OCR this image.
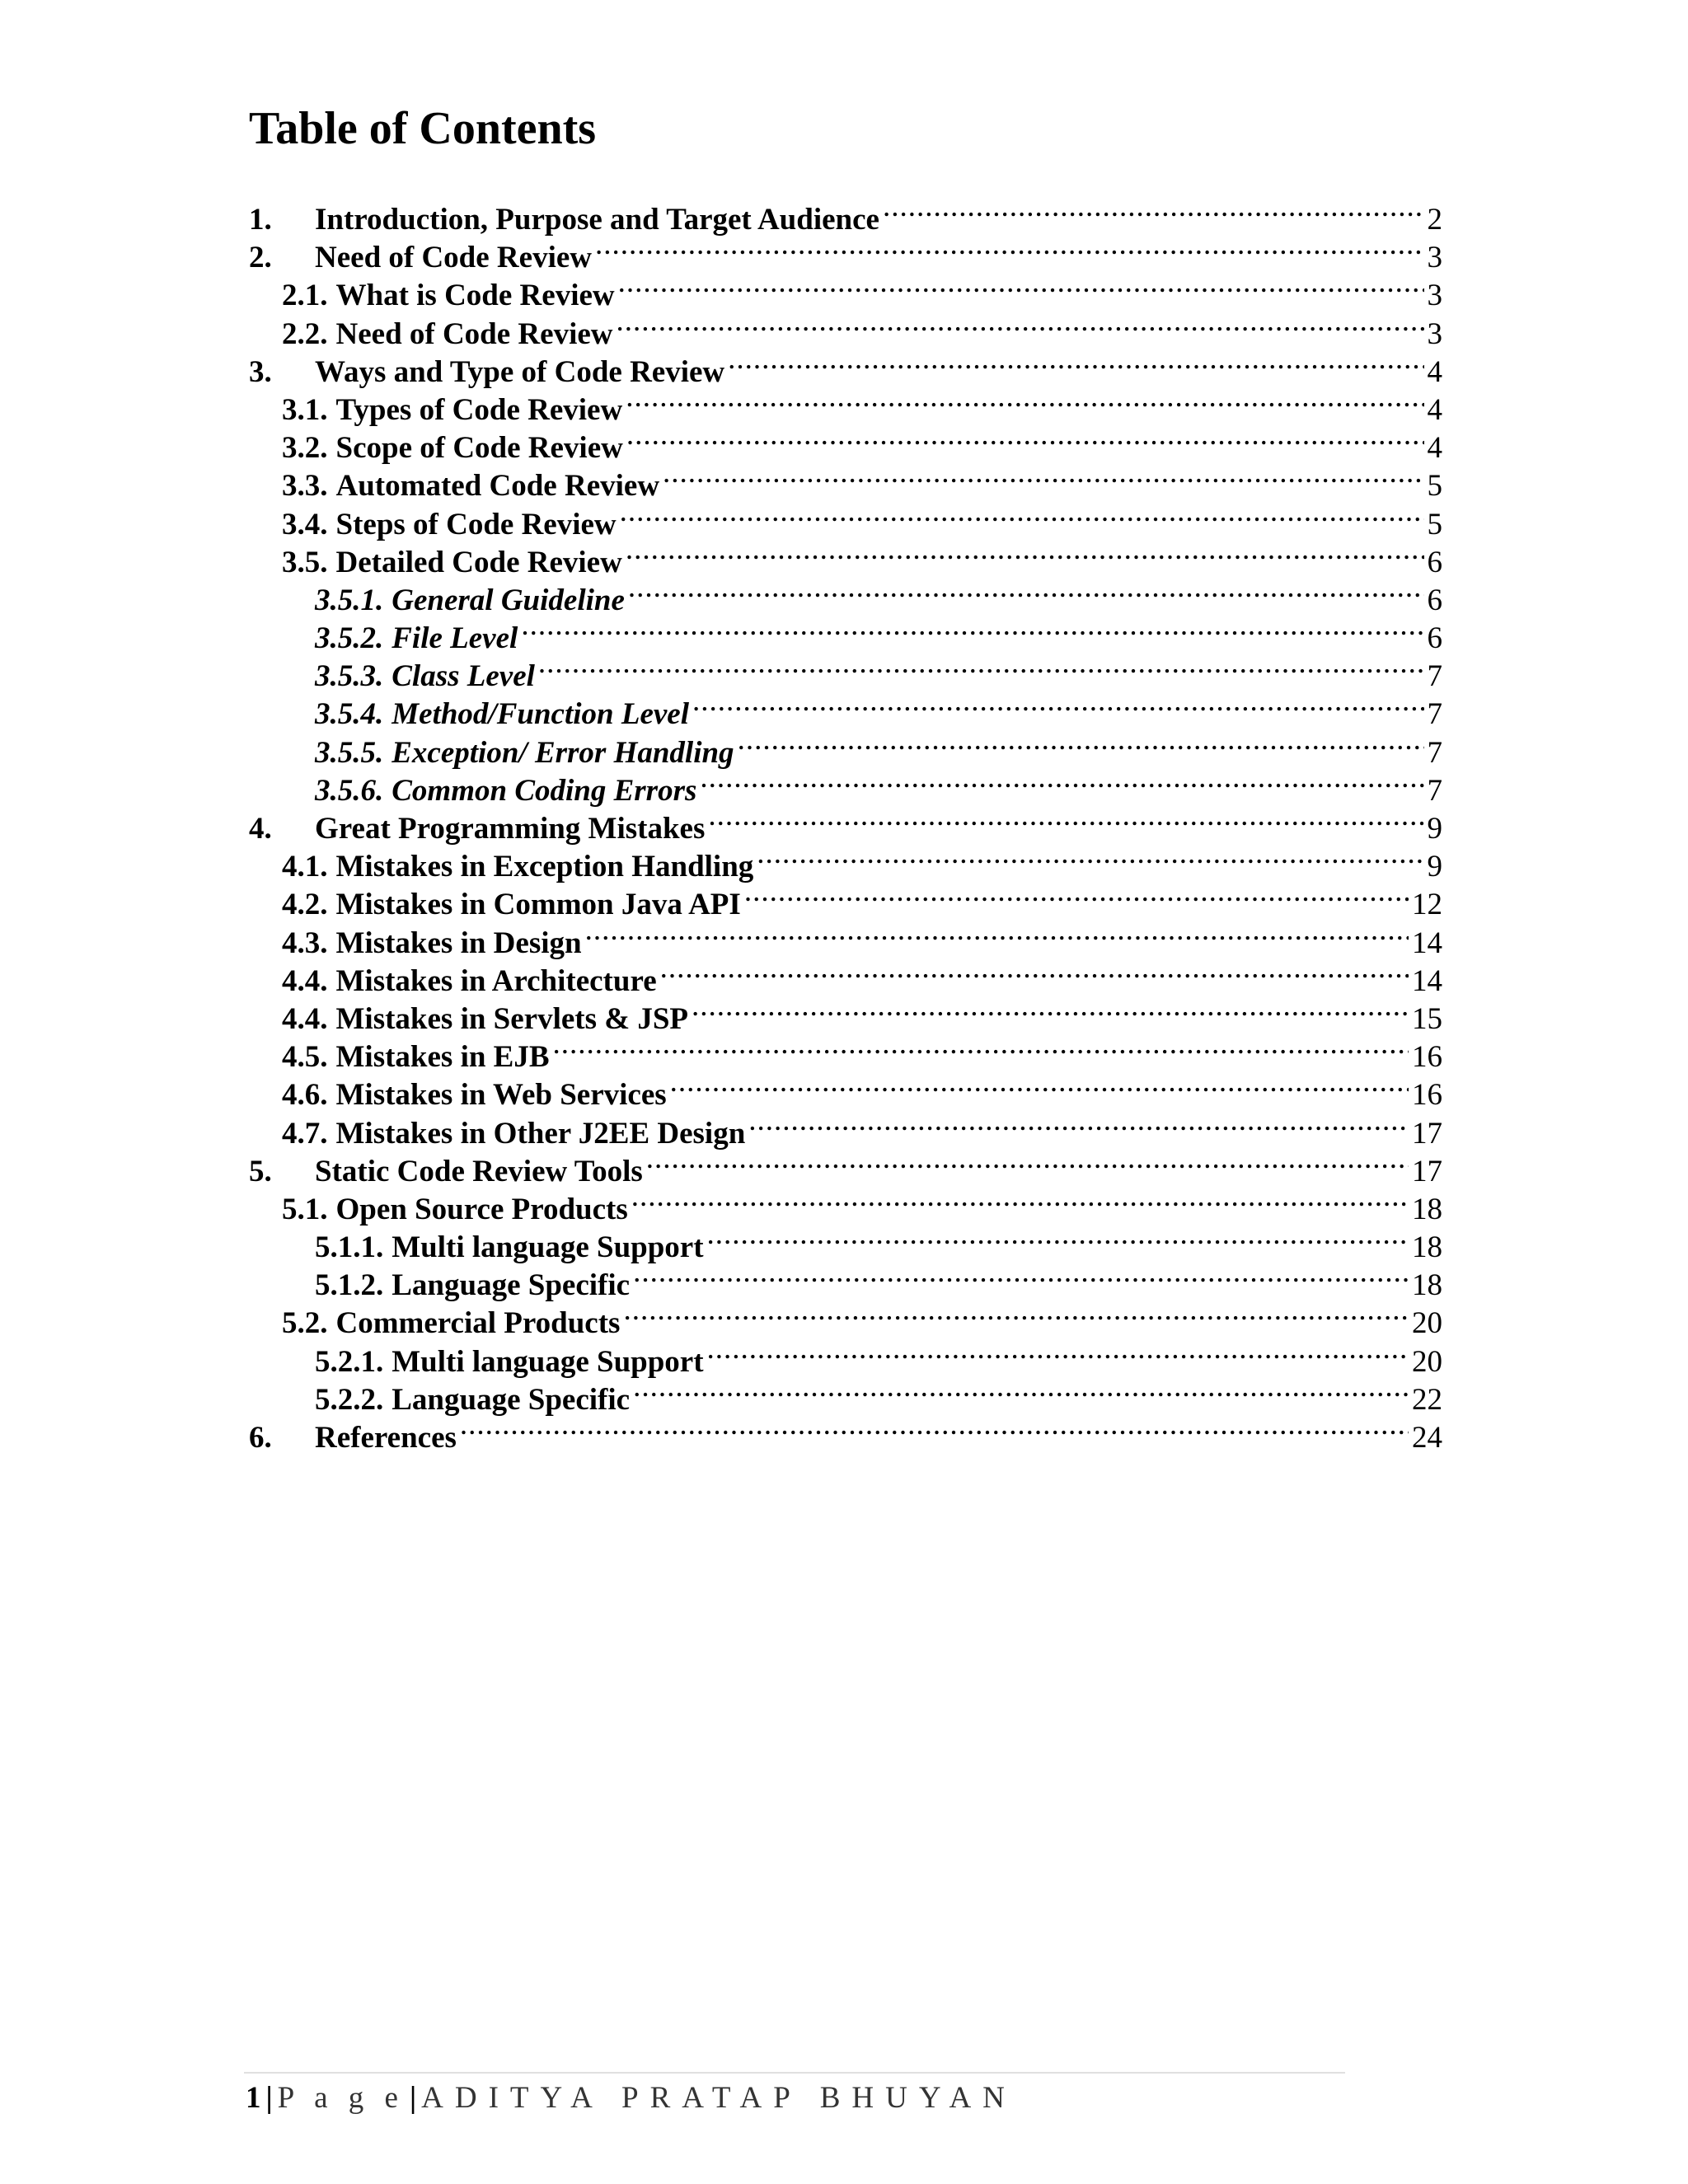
Table of Contents
1.	Introduction, Purpose and Target Audience .....	2
2.	Need of Code Review .....	3
2.1. What is Code Review .....	3
2.2. Need of Code Review .....	3
3.	Ways and Type of Code Review .....	4
3.1. Types of Code Review .....	4
3.2. Scope of Code Review .....	4
3.3. Automated Code Review .....	5
3.4. Steps of Code Review .....	5
3.5. Detailed Code Review .....	6
3.5.1. General Guideline .....	6
3.5.2. File Level .....	6
3.5.3. Class Level .....	7
3.5.4. Method/Function Level .....	7
3.5.5. Exception/ Error Handling .....	7
3.5.6. Common Coding Errors .....	7
4.	Great Programming Mistakes .....	9
4.1. Mistakes in Exception Handling .....	9
4.2. Mistakes in Common Java API .....	12
4.3. Mistakes in Design .....	14
4.4. Mistakes in Architecture .....	14
4.4. Mistakes in Servlets & JSP .....	15
4.5. Mistakes in EJB .....	16
4.6. Mistakes in Web Services .....	16
4.7. Mistakes in Other J2EE Design .....	17
5.	Static Code Review Tools .....	17
5.1. Open Source Products .....	18
5.1.1. Multi language Support .....	18
5.1.2. Language Specific .....	18
5.2. Commercial Products .....	20
5.2.1. Multi language Support .....	20
5.2.2. Language Specific .....	22
6.	References .....	24
1 | P a g e | ADITYA PRATAP BHUYAN
